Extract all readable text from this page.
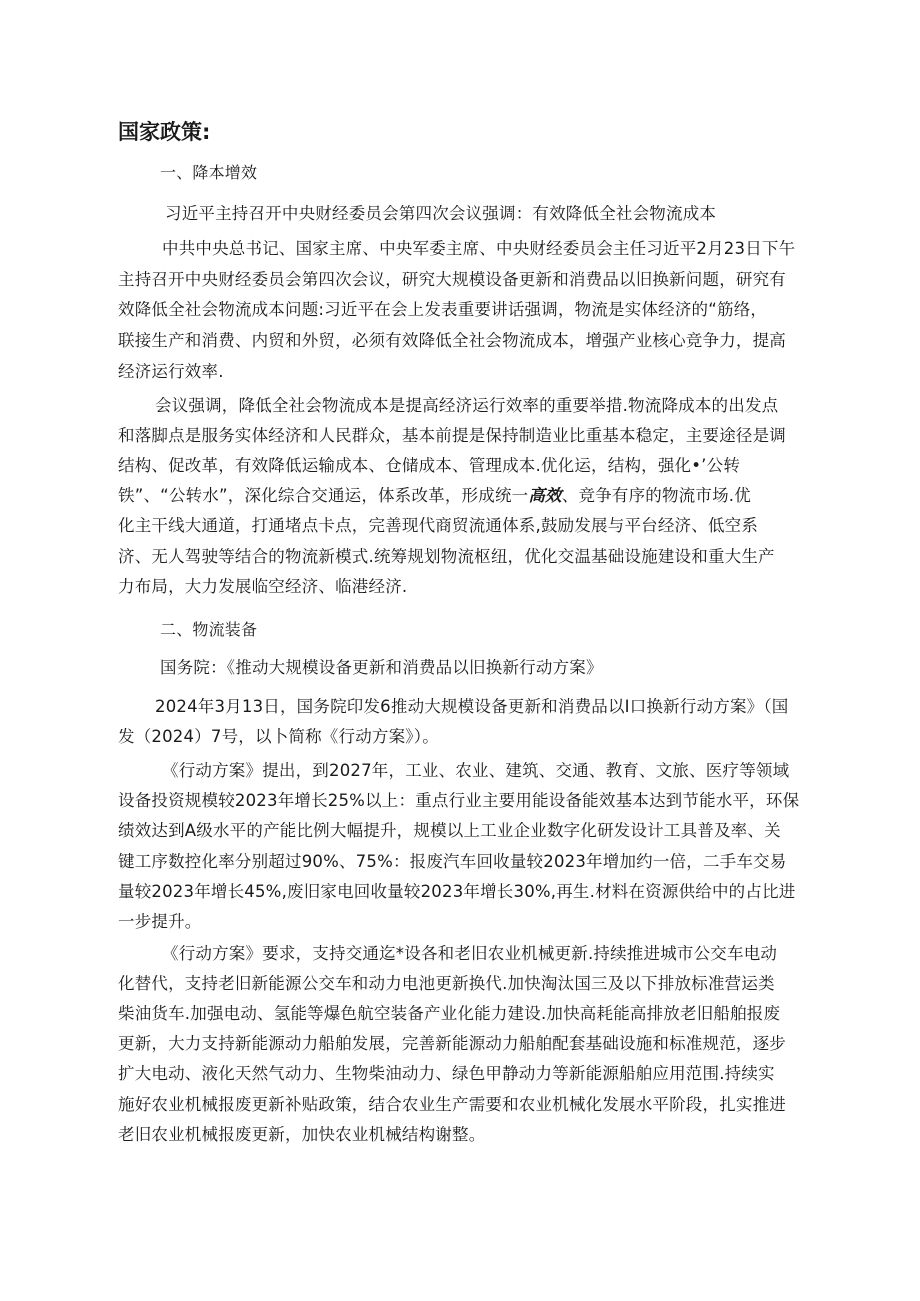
国家政策:
一、降本增效
习近平主持召开中央财经委员会第四次会议强调：有效降低全社会物流成本
中共中央总书记、国家主席、中央军委主席、中央财经委员会主任习近平2月23日下午
主持召开中央财经委员会第四次会议，研究大规模设备更新和消费品以旧换新问题，研究有
效降低全社会物流成本问题:习近平在会上发表重要讲话强调，物流是实体经济的“筋络，
联接生产和消费、内贸和外贸，必须有效降低全社会物流成本，增强产业核心竞争力，提高
经济运行效率.
会议强调，降低全社会物流成本是提高经济运行效率的重要举措.物流降成本的出发点
和落脚点是服务实体经济和人民群众，基本前提是保持制造业比重基本稳定，主要途径是调
结构、促改革，有效降低运输成本、仓储成本、管理成本.优化运，结构，强化•’公转
铁”、“公转水”，深化综合交通运，体系改革，形成统一高效、竞争有序的物流市场.优
化主干线大通道，打通堵点卡点，完善现代商贸流通体系,鼓励发展与平台经济、低空系
济、无人驾驶等结合的物流新模式.统筹规划物流枢纽，优化交温基础设施建设和重大生产
力布局，大力发展临空经济、临港经济.
二、物流装备
国务院：《推动大规模设备更新和消费品以旧换新行动方案》
2024年3月13日，国务院印发6推动大规模设备更新和消费品以I口换新行动方案》（国
发（2024）7号，以卜简称《行动方案》）。
《行动方案》提出，到2027年，工业、农业、建筑、交通、教育、文旅、医疗等领域
设备投资规模较2023年增长25%以上：重点行业主要用能设备能效基本达到节能水平，环保
绩效达到A级水平的产能比例大幅提升，规模以上工业企业数字化研发设计工具普及率、关
键工序数控化率分别超过90%、75%：报废汽车回收量较2023年增加约一倍，二手车交易
量较2023年增长45%,废旧家电回收量较2023年增长30%,再生.材料在资源供给中的占比进
一步提升。
《行动方案》要求，支持交通迄*设各和老旧农业机械更新.持续推进城市公交车电动
化替代，支持老旧新能源公交车和动力电池更新换代.加快淘汰国三及以下排放标准营运类
柴油货车.加强电动、氢能等爆色航空装备产业化能力建设.加快高耗能高排放老旧船舶报废
更新，大力支持新能源动力船舶发展，完善新能源动力船舶配套基础设施和标准规范，逐步
扩大电动、液化天然气动力、生物柴油动力、绿色甲静动力等新能源船舶应用范围.持续实
施好农业机械报废更新补贴政策，结合农业生产需要和农业机械化发展水平阶段，扎实推进
老旧农业机械报废更新，加快农业机械结构谢整。
